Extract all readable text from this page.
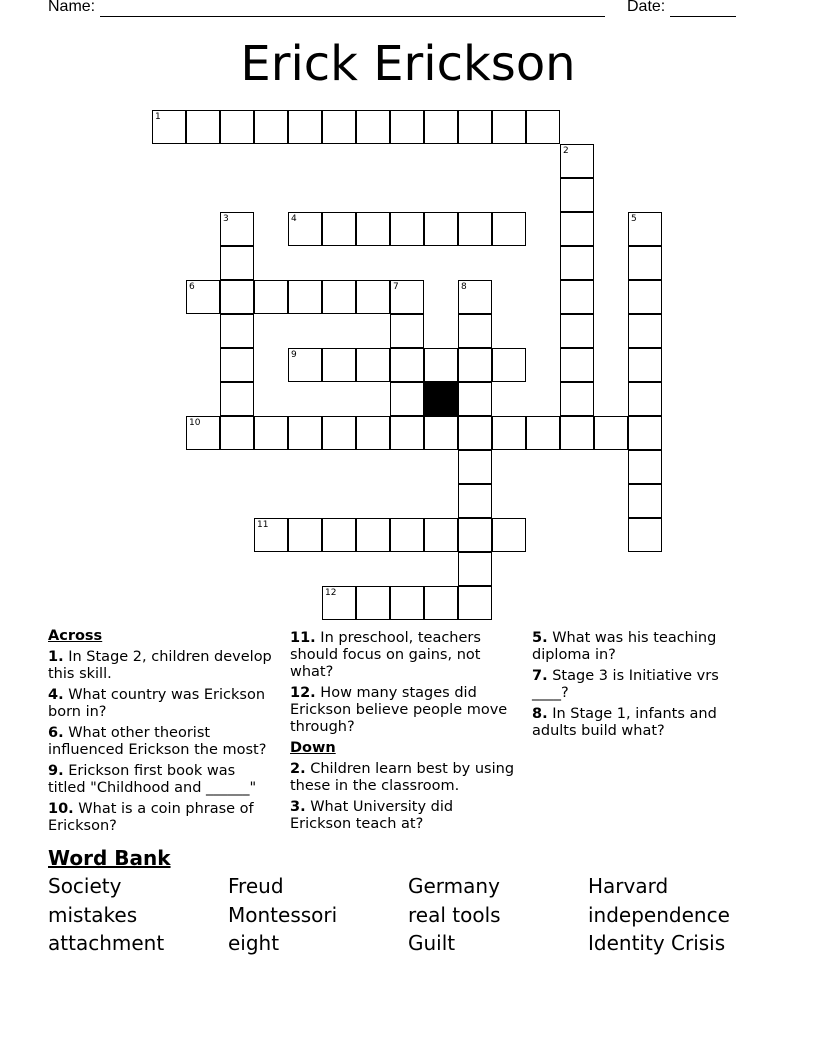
Name:	Date:
Erick Erickson
1
2
3	4	5
6	7	8
9
10
11
12
Across
1. In Stage 2, children develop this skill.
4. What country was Erickson born in?
6. What other theorist influenced Erickson the most?
9. Erickson first book was titled "Childhood and ______"
10. What is a coin phrase of Erickson?
11. In preschool, teachers should focus on gains, not what?
12. How many stages did Erickson believe people move through?
Down
2. Children learn best by using these in the classroom.
3. What University did Erickson teach at?
5. What was his teaching diploma in?
7. Stage 3 is Initiative vrs ____?
8. In Stage 1, infants and adults build what?
Word Bank
Society	Freud	Germany	Harvard
mistakes	Montessori	real tools	independence
attachment	eight	Guilt	Identity Crisis
